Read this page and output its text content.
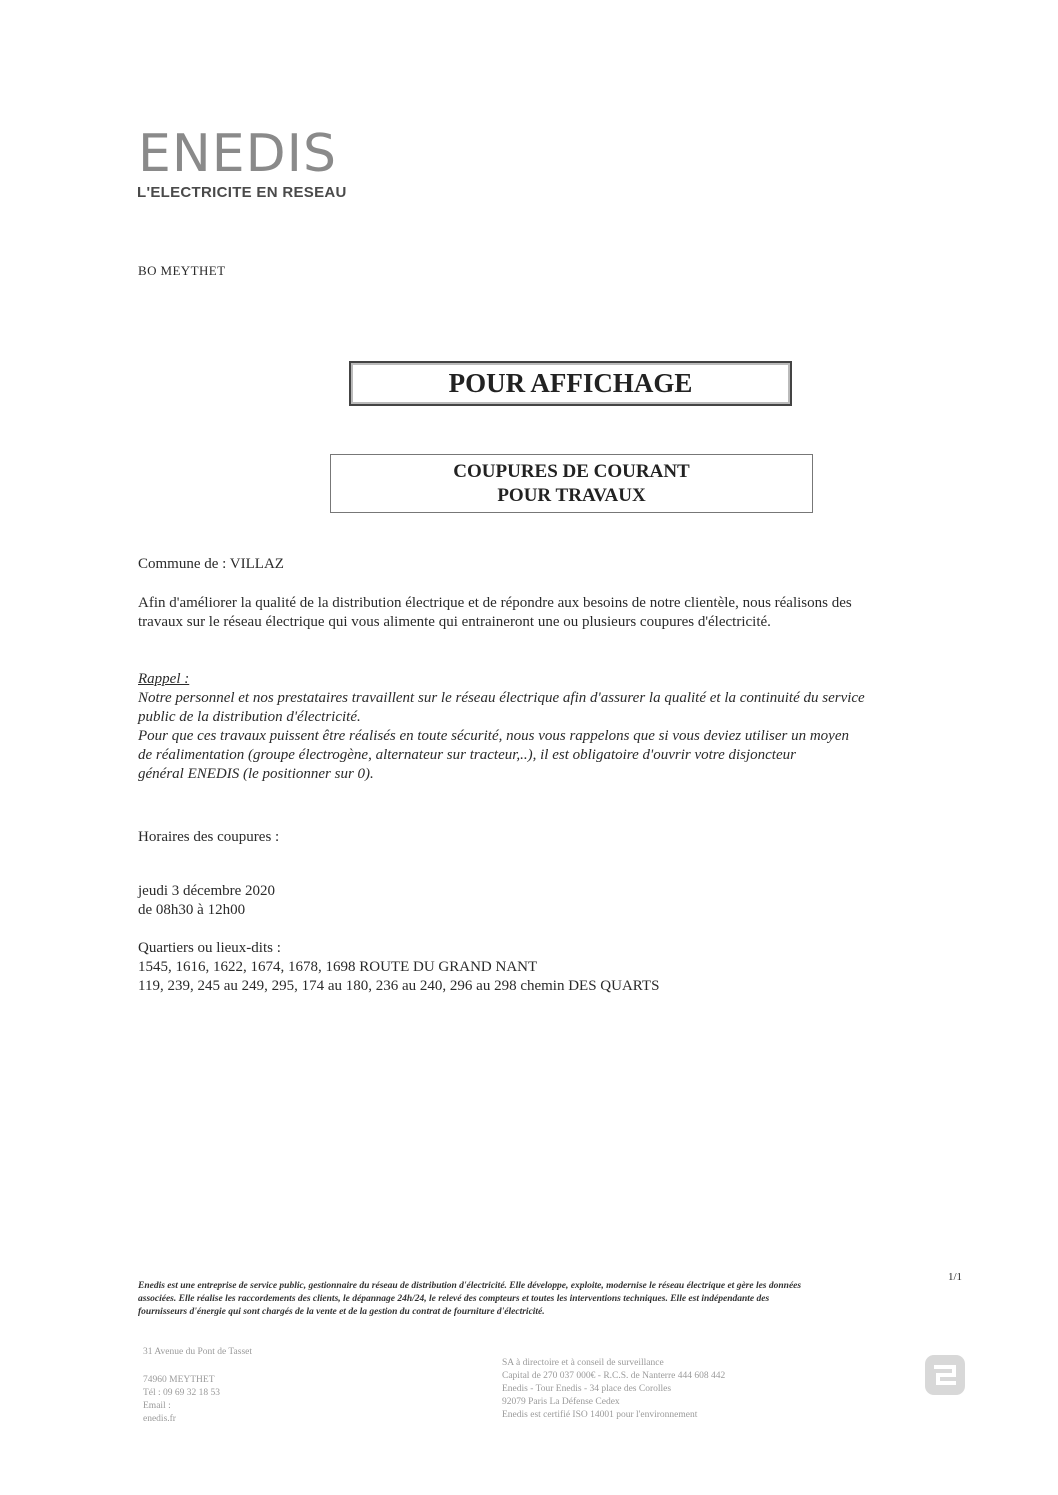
ENEDIS
L'ELECTRICITE EN RESEAU
BO MEYTHET
POUR AFFICHAGE
COUPURES DE COURANT
POUR TRAVAUX
Commune de : VILLAZ
Afin d'améliorer la qualité de la distribution électrique et de répondre aux besoins de notre clientèle, nous réalisons des
travaux sur le réseau électrique qui vous alimente qui entraineront une ou plusieurs coupures d'électricité.
Rappel :
Notre personnel et nos prestataires travaillent sur le réseau électrique afin d'assurer la qualité et la continuité du service
public de la distribution d'électricité.
Pour que ces travaux puissent être réalisés en toute sécurité, nous vous rappelons que si vous deviez utiliser un moyen
de réalimentation (groupe électrogène, alternateur sur tracteur,..), il est obligatoire d'ouvrir votre disjoncteur
général ENEDIS (le positionner sur 0).
Horaires des coupures :
jeudi 3 décembre 2020
de 08h30 à 12h00
Quartiers ou lieux-dits :
1545, 1616, 1622, 1674, 1678, 1698 ROUTE DU GRAND NANT
119, 239, 245 au 249, 295, 174 au 180, 236 au 240, 296 au 298 chemin DES QUARTS
1/1
Enedis est une entreprise de service public, gestionnaire du réseau de distribution d'électricité. Elle développe, exploite, modernise le réseau électrique et gère les données
associées. Elle réalise les raccordements des clients, le dépannage 24h/24, le relevé des compteurs et toutes les interventions techniques. Elle est indépendante des
fournisseurs d'énergie qui sont chargés de la vente et de la gestion du contrat de fourniture d'électricité.
31 Avenue du Pont de Tasset
74960 MEYTHET
Tél : 09 69 32 18 53
Email :
enedis.fr
SA à directoire et à conseil de surveillance
Capital de 270 037 000€ - R.C.S. de Nanterre 444 608 442
Enedis - Tour Enedis - 34 place des Corolles
92079 Paris La Défense Cedex
Enedis est certifié ISO 14001 pour l'environnement
